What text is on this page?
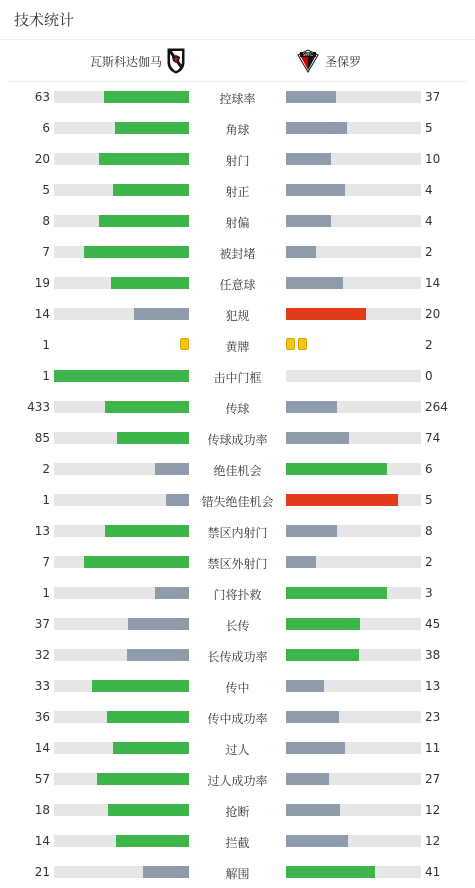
技术统计
瓦斯科达伽马	SPFC 圣保罗
63	控球率	37
6	角球	5
20	射门	10
5	射正	4
8	射偏	4
7	被封堵	2
19	任意球	14
14	犯规	20
1	黄牌	2
1	击中门框	0
433	传球	264
85	传球成功率	74
2	绝佳机会	6
1	错失绝佳机会	5
13	禁区内射门	8
7	禁区外射门	2
1	门将扑救	3
37	长传	45
32	长传成功率	38
33	传中	13
36	传中成功率	23
14	过人	11
57	过人成功率	27
18	抢断	12
14	拦截	12
21	解围	41
